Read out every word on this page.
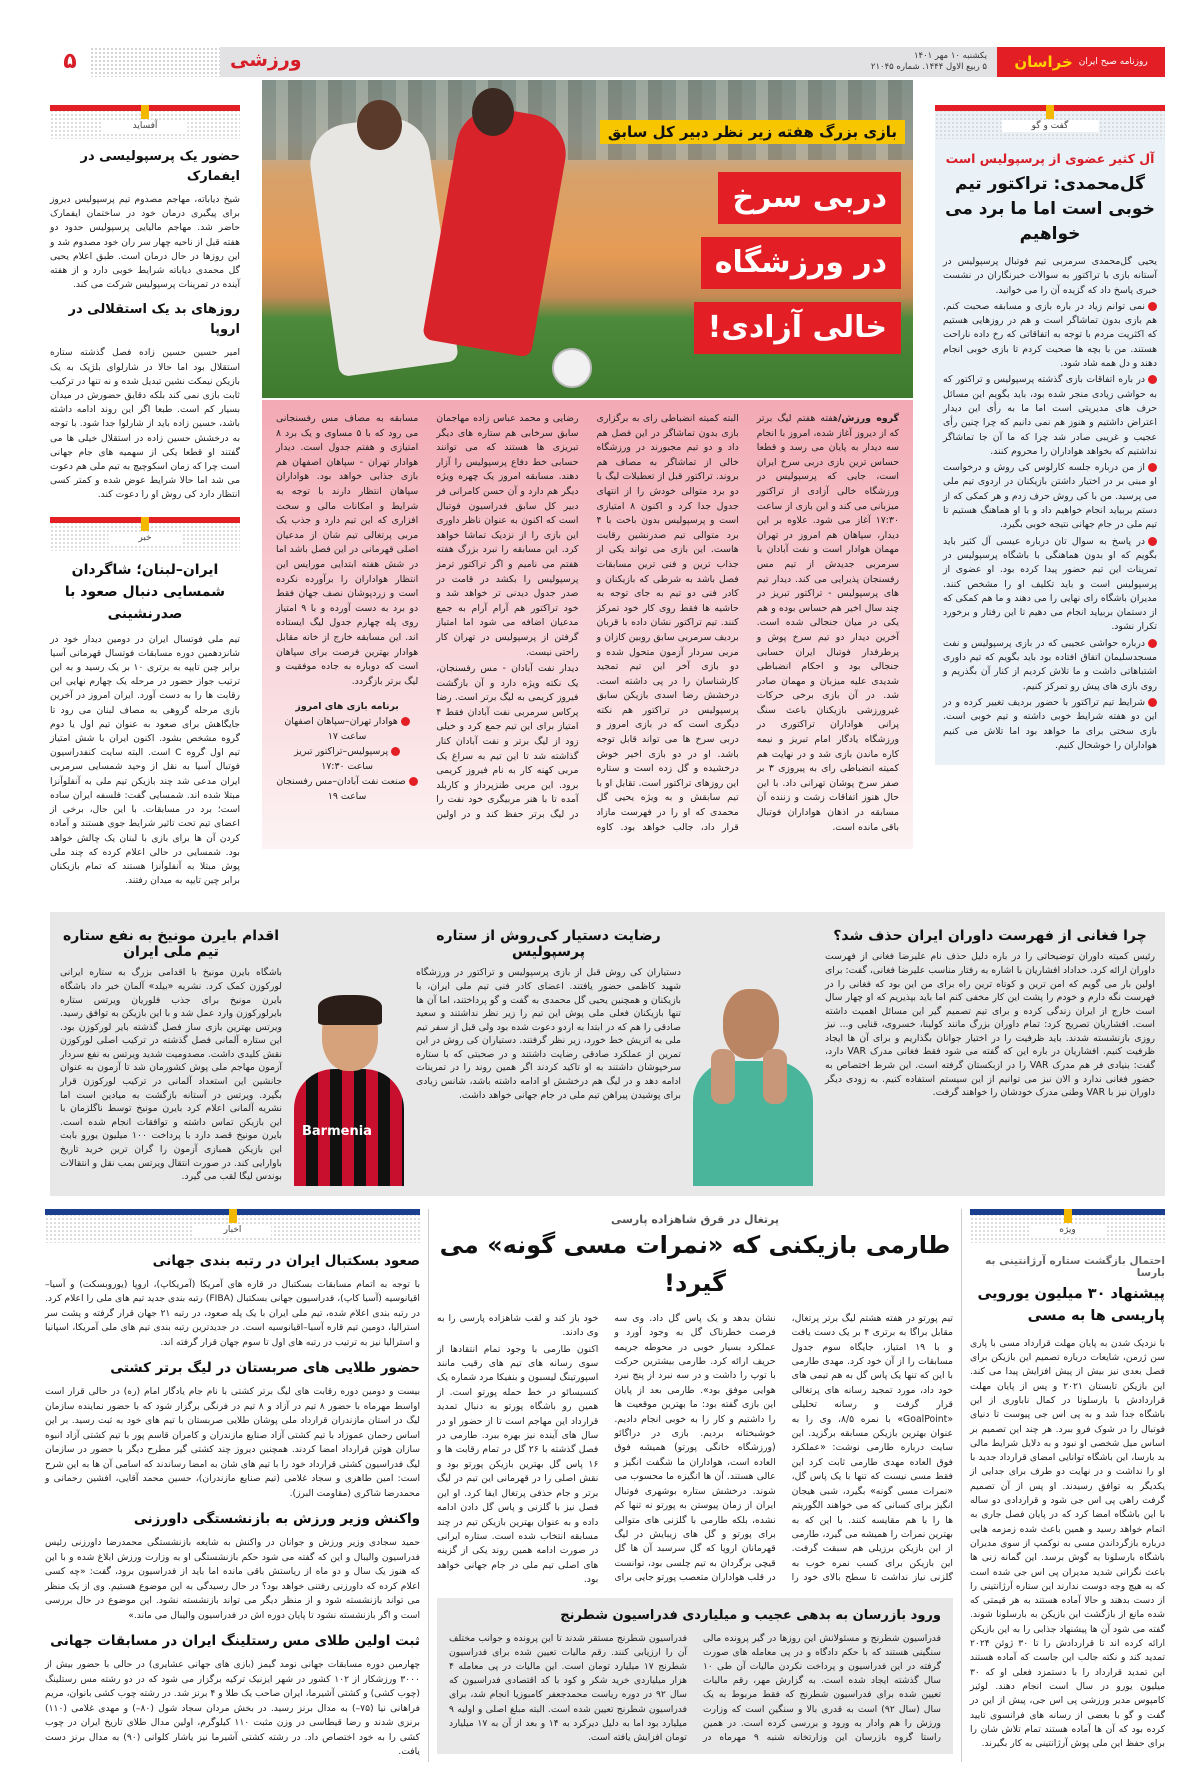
۵	روزنامه صبح ایران
خراسان
یکشنبه ۱۰ مهر ۱۴۰۱
۵ ربیع الاول ۱۴۴۴. شماره ۲۱۰۴۵
ورزشی
گفت و گو
آل کثیر عضوی از پرسپولیس است
گل‌محمدی: تراکتور تیم خوبی است اما ما برد می خواهیم

یحیی گل‌محمدی سرمربی تیم فوتبال پرسپولیس در آستانه بازی با تراکتور به سوالات خبرنگاران در نشست خبری پاسخ داد که گزیده آن را می خوانید.

نمی توانم زیاد در باره بازی و مسابقه صحبت کنم. هم بازی بدون تماشاگر است و هم در روزهایی هستیم که اکثریت مردم با توجه به اتفاقاتی که رخ داده ناراحت هستند. من با بچه ها صحبت کردم تا بازی خوبی انجام دهند و دل همه شاد شود.

در باره اتفاقات بازی گذشته پرسپولیس و تراکتور که به حواشی زیادی منجر شده بود، باید بگویم این مسائل حرف های مدیریتی است اما ما به رأی این دیدار اعتراض داشتیم و هنوز هم نمی دانیم که چرا چنین رأی عجیب و غریبی صادر شد چرا که ما آن جا تماشاگر نداشتیم که بخواهد هواداران را محروم کنند.

از من درباره جلسه کارلوس کی روش و درخواست او مبنی بر در اختیار داشتن بازیکنان در اردوی تیم ملی می پرسید. من با کی روش حرف زدم و هر کمکی که از دستم بربیاید انجام خواهیم داد و با او هماهنگ هستیم تا تیم ملی در جام جهانی نتیجه خوبی بگیرد.

در پاسخ به سوال تان درباره عیسی آل کثیر باید بگویم که او بدون هماهنگی با باشگاه پرسپولیس در تمرینات این تیم حضور پیدا کرده بود. او عضوی از پرسپولیس است و باید تکلیف او را مشخص کنند. مدیران باشگاه رای نهایی را می دهند و ما هم کمکی که از دستمان بربیاید انجام می دهیم تا این رفتار و برخورد تکرار نشود.

درباره حواشی عجیبی که در بازی پرسپولیس و نفت مسجدسلیمان اتفاق افتاده بود باید بگویم که تیم داوری اشتباهاتی داشت و ما تلاش کردیم از کنار آن بگذریم و روی بازی های پیش رو تمرکز کنیم.

شرایط تیم تراکتور با حضور بردیف تغییر کرده و در این دو هفته شرایط خوبی داشته و تیم خوبی است. بازی سختی برای ما خواهد بود اما تلاش می کنیم هواداران را خوشحال کنیم.

بازی بزرگ هفته زیر نظر دبیر کل سابق
دربی سرخ
در ورزشگاه
خالی آزادی!

گروه ورزش/هفته هفتم لیگ برتر که از دیروز آغاز شده، امروز با انجام سه دیدار به پایان می رسد و قطعا حساس ترین بازی دربی سرخ ایران است، جایی که پرسپولیس در ورزشگاه خالی آزادی از تراکتور میزبانی می کند و این بازی از ساعت ۱۷:۳۰ آغاز می شود. علاوه بر این دیدار، سپاهان هم امروز در تهران مهمان هوادار است و نفت آبادان با سرمربی جدیدش از تیم مس رفسنجان پذیرایی می کند. دیدار تیم های پرسپولیس - تراکتور تبریز در چند سال اخیر هم حساس بوده و هم یکی در میان جنجالی شده است. آخرین دیدار دو تیم سرخ پوش و پرطرفدار فوتبال ایران حسابی جنجالی بود و احکام انضباطی شدیدی علیه میزبان و مهمان صادر شد. در آن بازی برخی حرکات غیرورزشی بازیکنان باعث سنگ پرانی هواداران تراکتوری در ورزشگاه یادگار امام تبریز و نیمه کاره ماندن بازی شد و در نهایت هم کمیته انضباطی رای به پیروزی ۳ بر صفر سرخ پوشان تهرانی داد. با این حال هنوز اتفاقات زشت و زننده آن مسابقه در اذهان هواداران فوتبال باقی مانده است.

البته کمیته انضباطی رای به برگزاری بازی بدون تماشاگر در این فصل هم داد و دو تیم مجبورند در ورزشگاه خالی از تماشاگر به مصاف هم بروند. تراکتور قبل از تعطیلات لیگ با دو برد متوالی خودش را از انتهای جدول جدا کرد و اکنون ۸ امتیازی است و پرسپولیس بدون باخت با ۴ برد متوالی تیم صدرنشین رقابت هاست. این بازی می تواند یکی از جذاب ترین و فنی ترین مسابقات فصل باشد به شرطی که بازیکنان و کادر فنی دو تیم به جای توجه به حاشیه ها فقط روی کار خود تمرکز کنند. تیم تراکتور نشان داده با قربان بردیف سرمربی سابق روبین کازان و مربی سردار آزمون متحول شده و دو بازی آخر این تیم تمجید کارشناسان را در پی داشته است. درخشش رضا اسدی بازیکن سابق پرسپولیس در تراکتور هم نکته دیگری است که در بازی امروز و دربی سرخ ها می تواند قابل توجه باشد. او در دو بازی اخیر خوش درخشیده و گل زده است و ستاره این روزهای تراکتور است. تقابل او با تیم سابقش و به ویژه یحیی گل محمدی که او را در فهرست مازاد قرار داد، جالب خواهد بود. کاوه رضایی و محمد عباس زاده مهاجمان سابق سرخابی هم ستاره های دیگر تبریزی ها هستند که می توانند حسابی خط دفاع پرسپولیس را آزار دهند. مسابقه امروز یک چهره ویژه دیگر هم دارد و آن حسن کامرانی فر دبیر کل سابق فدراسیون فوتبال است که اکنون به عنوان ناظر داوری این بازی را از نزدیک تماشا خواهد کرد. این مسابقه را نبرد بزرگ هفته هفتم می نامیم و اگر تراکتور ترمز پرسپولیس را بکشد در قامت در صدر جدول دیدنی تر خواهد شد و خود تراکتور هم آرام آرام به جمع مدعیان اضافه می شود اما امتیاز گرفتن از پرسپولیس در تهران کار راحتی نیست.

دیدار نفت آبادان - مس رفسنجان، یک نکته ویژه دارد و آن بازگشت فیروز کریمی به لیگ برتر است. رضا پرکاس سرمربی نفت آبادان فقط ۴ امتیاز برای این تیم جمع کرد و خیلی زود از لیگ برتر و نفت آبادان کنار گذاشته شد تا این تیم به سراغ یک مربی کهنه کار به نام فیروز کریمی برود. این مربی طنزپرداز و کاربلد آمده تا با هنر مربیگری خود نفت را در لیگ برتر حفظ کند و در اولین مسابقه به مصاف مس رفسنجانی می رود که با ۵ مساوی و یک برد ۸ امتیازی و هفتم جدول است. دیدار هوادار تهران - سپاهان اصفهان هم بازی جذابی خواهد بود. هواداران سپاهان انتظار دارند با توجه به شرایط و امکانات مالی و سخت افزاری که این تیم دارد و جذب یک مربی پرتغالی تیم شان از مدعیان اصلی قهرمانی در این فصل باشد اما در شش هفته ابتدایی مورایس این انتظار هواداران را برآورده نکرده است و زردپوشان نصف جهان فقط دو برد به دست آورده و با ۹ امتیاز روی پله چهارم جدول لیگ ایستاده اند. این مسابقه خارج از خانه مقابل هوادار بهترین فرصت برای سپاهان است که دوباره به جاده موفقیت و لیگ برتر بازگردد.

برنامه بازی های امروز
هوادار تهران–سپاهان اصفهان
ساعت ۱۷
پرسپولیس–تراکتور تبریز
ساعت ۱۷:۳۰
صنعت نفت آبادان–مس رفسنجان
ساعت ۱۹
آفساید
حضور یک پرسپولیسی در ایفمارک

شیخ دیاباته، مهاجم مصدوم تیم پرسپولیس دیروز برای پیگیری درمان خود در ساختمان ایفمارک حاضر شد. مهاجم مالیایی پرسپولیس حدود دو هفته قبل از ناحیه چهار سر ران خود مصدوم شد و این روزها در حال درمان است. طبق اعلام یحیی گل محمدی دیاباته شرایط خوبی دارد و از هفته آینده در تمرینات پرسپولیس شرکت می کند.

روزهای بد یک استقلالی در اروپا

امیر حسین حسین زاده فصل گذشته ستاره استقلال بود اما حالا در شارلوای بلژیک به یک بازیکن نیمکت نشین تبدیل شده و نه تنها در ترکیب ثابت بازی نمی کند بلکه دقایق حضورش در میدان بسیار کم است. طبعا اگر این روند ادامه داشته باشد، حسین زاده باید از شارلوا جدا شود. با توجه به درخشش حسین زاده در استقلال خیلی ها می گفتند او قطعا یکی از سهمیه های جام جهانی است چرا که زمان اسکوچیچ به تیم ملی هم دعوت می شد اما حالا شرایط عوض شده و کمتر کسی انتظار دارد کی روش او را دعوت کند.

خبر
ایران–لبنان؛ شاگردان شمسایی دنبال صعود با صدرنشینی

تیم ملی فوتسال ایران در دومین دیدار خود در شانزدهمین دوره مسابقات فوتسال قهرمانی آسیا برابر چین تایپه به برتری ۱۰ بر یک رسید و به این ترتیب جواز حضور در مرحله یک چهارم نهایی این رقابت ها را به دست آورد. ایران امروز در آخرین بازی مرحله گروهی به مصاف لبنان می رود تا جایگاهش برای صعود به عنوان تیم اول یا دوم گروه مشخص بشود. اکنون ایران با شش امتیاز تیم اول گروه C است. البته سایت کنفدراسیون فوتبال آسیا به نقل از وحید شمسایی سرمربی ایران مدعی شد چند بازیکن تیم ملی به آنفلوآنزا مبتلا شده اند. شمسایی گفت: فلسفه ایران ساده است؛ برد در مسابقات. با این حال، برخی از اعضای تیم تحت تاثیر شرایط جوی هستند و آماده کردن آن ها برای بازی با لبنان یک چالش خواهد بود. شمسایی در حالی اعلام کرده که چند ملی پوش مبتلا به آنفلوآنزا هستند که تمام بازیکنان برابر چین تایپه به میدان رفتند.

چرا فغانی از فهرست داوران ایران حذف شد؟

رئیس کمیته داوران توضیحاتی را در باره دلیل حذف نام علیرضا فغانی از فهرست داوران ارائه کرد. خداداد افشاریان با اشاره به رفتار مناسب علیرضا فغانی، گفت: برای اولین بار می گویم که امن ترین و کوتاه ترین راه برای من این بود که فغانی را در فهرست نگه دارم و خودم را پشت این کار مخفی کنم اما باید بپذیریم که او چهار سال است خارج از ایران زندگی کرده و برای تیم تصمیم گیر این مسائل اهمیت داشته است. افشاریان تصریح کرد: تمام داوران بزرگ مانند کولینا، خسروی، قنایی و... نیز روزی بازنشسته شدند. باید ظرفیت را در اختیار جوانان بگذاریم و برای آن ها ایجاد ظرفیت کنیم. افشاریان در باره این که گفته می شود فقط فغانی مدرک VAR دارد، گفت: بنیادی فر هم مدرک VAR را در ازبکستان گرفته است. این شرط اختصاص به حضور فغانی ندارد و الان نیز می توانیم از این سیستم استفاده کنیم. به زودی دیگر داوران نیز با VAR وطنی مدرک خودشان را خواهند گرفت.

رضایت دستیار کی‌روش از ستاره پرسپولیس

دستیاران کی روش قبل از بازی پرسپولیس و تراکتور در ورزشگاه شهید کاظمی حضور یافتند. اعضای کادر فنی تیم ملی ایران، با بازیکنان و همچنین یحیی گل محمدی به گفت و گو پرداختند، اما آن ها تنها بازیکنان فعلی ملی پوش این تیم را زیر نظر نداشتند و سعید صادقی را هم که در ابتدا به اردو دعوت شده بود ولی قبل از سفر تیم ملی به اتریش خط خورد، زیر نظر گرفتند. دستیاران کی روش در این تمرین از عملکرد صادقی رضایت داشتند و در صحبتی که با ستاره سرخپوشان داشتند به او تاکید کردند اگر همین روند را در تمرینات ادامه دهد و در لیگ هم درخشش او ادامه داشته باشد، شانس زیادی برای پوشیدن پیراهن تیم ملی در جام جهانی خواهد داشت.

Barmenia
اقدام بایرن مونیخ به نفع ستاره تیم ملی ایران

باشگاه بایرن مونیخ با اقدامی بزرگ به ستاره ایرانی لورکوزن کمک کرد. نشریه «بیلد» آلمان خبر داد باشگاه بایرن مونیخ برای جذب فلوریان ویرتس ستاره بایرلورکوزن وارد عمل شد و با این بازیکن به توافق رسید. ویرتس بهترین بازی ساز فصل گذشته بایر لورکوزن بود. این ستاره آلمانی فصل گذشته در ترکیب اصلی لورکوزن نقش کلیدی داشت. مصدومیت شدید ویرتس به نفع سردار آزمون مهاجم ملی پوش کشورمان شد تا آزمون به عنوان جانشین این استعداد آلمانی در ترکیب لورکوزن قرار بگیرد. ویرتس در آستانه بازگشت به میادین است اما نشریه آلمانی اعلام کرد بایرن مونیخ توسط ناگلزمان با این بازیکن تماس داشته و توافقات انجام شده است. بایرن مونیخ قصد دارد با پرداخت ۱۰۰ میلیون یورو بابت این بازیکن همبازی آزمون را گران ترین خرید تاریخ باوارایی کند. در صورت انتقال ویرتس بمب نقل و انتقالات بوندس لیگا لقب می گیرد.

ویژه
احتمال بازگشت ستاره آرژانتینی به بارسا
پیشنهاد ۳۰ میلیون یورویی پاریسی ها به مسی

با نزدیک شدن به پایان مهلت قرارداد مسی با پاری سن ژرمن، شایعات درباره تصمیم این بازیکن برای فصل بعدی نیز بیش از پیش افزایش پیدا می کند. این بازیکن تابستان ۲۰۲۱ و پس از پایان مهلت قراردادش با بارسلونا در کمال ناباوری از این باشگاه جدا شد و به پی اس جی پیوست تا دنیای فوتبال را در شوک فرو ببرد. هر چند این تصمیم بر اساس میل شخصی او نبود و به دلایل شرایط مالی بد بارسا، این باشگاه توانایی امضای قرارداد جدید با او را نداشت و در نهایت دو طرف برای جدایی از یکدیگر به توافق رسیدند. او پس از آن تصمیم گرفت راهی پی اس جی شود و قراردادی دو ساله با این باشگاه امضا کرد که در پایان فصل جاری به اتمام خواهد رسید و همین باعث شده زمزمه هایی درباره بازگرداندن مسی به نوکمپ از سوی مدیران باشگاه بارسلونا به گوش برسد. این گمانه زنی ها باعث نگرانی شدید مدیران پی اس جی شده است که به هیچ وجه دوست ندارند این ستاره آرژانتینی را از دست بدهند و حالا آماده هستند به هر قیمتی که شده مانع از بازگشت این بازیکن به بارسلونا شوند. گفته می شود آن ها پیشنهاد جذابی را به این بازیکن ارائه کرده اند تا قراردادش را تا ۳۰ ژوئن ۲۰۲۴ تمدید کند و نکته جالب این جاست که آماده هستند این تمدید قرارداد را با دستمزد فعلی او که ۳۰ میلیون یورو در سال است انجام دهند. لوئیز کامپوس مدیر ورزشی پی اس جی، پیش از این در گفت و گو با بعضی از رسانه های فرانسوی تایید کرده بود که آن ها آماده هستند تمام تلاش شان را برای حفظ این ملی پوش آرژانتینی به کار بگیرند.

پرتغال در قرق شاهزاده پارسی
طارمی بازیکنی که «نمرات مسی گونه» می گیرد!

تیم پورتو در هفته هشتم لیگ برتر پرتغال، مقابل براگا به برتری ۴ بر یک دست یافت و با ۱۹ امتیاز، جایگاه سوم جدول مسابقات را از آن خود کرد. مهدی طارمی با این که تنها یک پاس گل به هم تیمی های خود داد، مورد تمجید رسانه های پرتغالی قرار گرفت و رسانه تحلیلی «GoalPoint» با نمره ۸/۵، وی را به عنوان بهترین بازیکن مسابقه برگزید. این سایت درباره طارمی نوشت: «عملکرد فوق العاده مهدی طارمی ثابت کرد این فقط مسی نیست که تنها با یک پاس گل، «نمرات مسی گونه» بگیرد، شبی هیجان انگیز برای کسانی که می خواهند الگوریتم ها را با هم مقایسه کنند. با این که به بهترین نمرات را همیشه می گیرد، طارمی از این بازیکن برزیلی هم سبقت گرفت. این بازیکن برای کسب نمره خوب به گلزنی نیاز نداشت تا سطح بالای خود را نشان بدهد و یک پاس گل داد. وی سه فرصت خطرناک گل به وجود آورد و عملکرد بسیار خوبی در محوطه جریمه حریف ارائه کرد. طارمی بیشترین حرکت با توپ را داشت و در سه نبرد از پنج نبرد هوایی موفق بود». طارمی بعد از پایان این بازی گفته بود: ما بهترین موقعیت ها را داشتیم و کار را به خوبی انجام دادیم. خوشبختانه بردیم. بازی در دراگائو (ورزشگاه خانگی پورتو) همیشه فوق العاده است، هواداران ما شگفت انگیز و عالی هستند. آن ها انگیزه ما محسوب می شوند. درخشش ستاره بوشهری فوتبال ایران از زمان پیوستن به پورتو نه تنها کم نشده، بلکه طارمی با گلزنی های متوالی برای پورتو و گل های زیبایش در لیگ قهرمانان اروپا که گل سرسبد آن ها گل قیچی برگردان به تیم چلسی بود، توانست در قلب هواداران متعصب پورتو جایی برای خود باز کند و لقب شاهزاده پارسی را به وی دادند.

اکنون طارمی با وجود تمام انتقادها از سوی رسانه های تیم های رقیب مانند اسپورتینگ لیسبون و بنفیکا مرد شماره یک کنسیسائو در خط حمله پورتو است. از همین رو باشگاه پورتو به دنبال تمدید قرارداد این مهاجم است تا از حضور او در سال های آینده نیز بهره ببرد. طارمی در فصل گذشته با ۲۶ گل در تمام رقابت ها و ۱۶ پاس گل بهترین بازیکن پورتو بود و نقش اصلی را در قهرمانی این تیم در لیگ برتر و جام حذفی پرتغال ایفا کرد. او این فصل نیز با گلزنی و پاس گل دادن ادامه داده و به عنوان بهترین بازیکن تیم در چند مسابقه انتخاب شده است. ستاره ایرانی در صورت ادامه همین روند یکی از گزینه های اصلی تیم ملی در جام جهانی خواهد بود.

ورود بازرسان به بدهی عجیب و میلیاردی فدراسیون شطرنج

فدراسیون شطرنج و مسئولانش این روزها در گیر پرونده مالی سنگینی هستند که با حکم دادگاه و در پی معامله های صورت گرفته در این فدراسیون و پرداخت نکردن مالیات آن طی ۱۰ سال گذشته ایجاد شده است. به گزارش مهر، رقم مالیات تعیین شده برای فدراسیون شطرنج که فقط مربوط به یک سال (سال ۹۲) است به قدری بالا و سنگین است که وزارت ورزش را هم وادار به ورود و بررسی کرده است. در همین راستا گروه بازرسان این وزارتخانه شنبه ۹ مهرماه در فدراسیون شطرنج مستقر شدند تا این پرونده و جوانب مختلف آن را ارزیابی کنند. رقم مالیات تعیین شده برای فدراسیون شطرنج ۱۷ میلیارد تومان است. این مالیات در پی معامله ۴ هزار میلیاردی خرید شکر و کود با کد اقتصادی فدراسیون که سال ۹۲ در دوره ریاست محمدجعفر کامبوزیا انجام شد، برای فدراسیون شطرنج تعیین شده است. البته مبلغ اصلی و اولیه ۹ میلیارد بود اما به دلیل دیرکرد به ۱۴ و بعد از آن به ۱۷ میلیارد تومان افزایش یافته است.

اخبار
صعود بسکتبال ایران در رتبه بندی جهانی

با توجه به اتمام مسابقات بسکتبال در قاره های آمریکا (آمریکاپ)، اروپا (یوروبسکت) و آسیا–اقیانوسیه (آسیا کاپ)، فدراسیون جهانی بسکتبال (FIBA) رتبه بندی جدید تیم های ملی را اعلام کرد. در رتبه بندی اعلام شده، تیم ملی ایران با یک پله صعود، در رتبه ۲۱ جهان قرار گرفته و پشت سر استرالیا، دومین تیم قاره آسیا–اقیانوسیه است. در جدیدترین رتبه بندی تیم های ملی آمریکا، اسپانیا و استرالیا نیز به ترتیب در رتبه های اول تا سوم جهان قرار گرفته اند.

حضور طلایی های صربستان در لیگ برتر کشتی

بیست و دومین دوره رقابت های لیگ برتر کشتی با نام جام یادگار امام (ره) در حالی قرار است اواسط مهرماه با حضور ۸ تیم در آزاد و ۸ تیم در فرنگی برگزار شود که با حضور نماینده سازمان لیگ در استان مازندران قرارداد ملی پوشان طلایی صربستان با تیم های خود به ثبت رسید. بر این اساس رحمان عموزاد با تیم کشتی آزاد صنایع مازندران و کامران قاسم پور با تیم کشتی آزاد انبوه سازان هوتن قرارداد امضا کردند. همچنین دیروز چند کشتی گیر مطرح دیگر با حضور در سازمان لیگ فدراسیون کشتی قرارداد خود را با تیم های شان به امضا رساندند که اسامی آن ها به این شرح است: امین طاهری و سجاد غلامی (تیم صنایع مازندران)، حسین محمد آقایی، افشین رحمانی و محمدرضا شاکری (مقاومت البرز).

واکنش وزیر ورزش به بازنشستگی داورزنی

حمید سجادی وزیر ورزش و جوانان در واکنش به شایعه بازنشستگی محمدرضا داورزنی رئیس فدراسیون والیبال و این که گفته می شود حکم بازنشستگی او به وزارت ورزش ابلاغ شده و با این که هنوز یک سال و دو ماه از ریاستش باقی مانده اما باید از فدراسیون برود، گفت: «چه کسی اعلام کرده که داورزنی رفتنی خواهد بود؟ در حال رسیدگی به این موضوع هستیم. وی از یک منظر می تواند بازنشسته شود و از منظر دیگر می تواند بازنشسته نشود. این موضوع در حال بررسی است و اگر بازنشسته نشود تا پایان دوره اش در فدراسیون والیبال می ماند.»

ثبت اولین طلای مس رستلینگ ایران در مسابقات جهانی

چهارمین دوره مسابقات جهانی نومد گیمز (بازی های جهانی عشایری) در حالی با حضور بیش از ۳۰۰۰ ورزشکار از ۱۰۲ کشور در شهر ایزنیک ترکیه برگزار می شود که در دو رشته مس رستلینگ (چوب کشی) و کشتی آشیرما، ایران صاحب یک طلا و ۴ برنز شد. در رشته چوب کشی بانوان، مریم فراهانی نیا (۷۵–) به مدال برنز رسید. در بخش مردان سجاد شول (۸۰–) و مهدی غلامی (۱۱۰) برنزی شدند و رضا قیطاسی در وزن مثبت ۱۱۰ کیلوگرم، اولین مدال طلای تاریخ ایران در چوب کشی را به خود اختصاص داد. در رشته کشتی آشیرما نیز یاشار کلوانی (۹۰) به مدال برنز دست یافت.
